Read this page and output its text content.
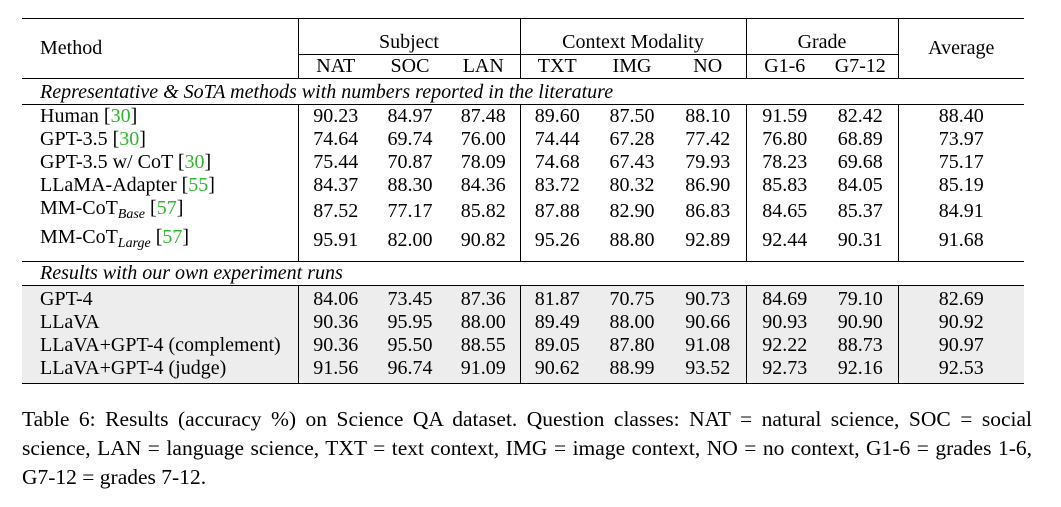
Method	Subject			Context Modality			Grade		Average
	NAT	SOC	LAN	TXT	IMG	NO	G1-6	G7-12	
Representative & SoTA methods with numbers reported in the literature									
Human [30]	90.23	84.97	87.48	89.60	87.50	88.10	91.59	82.42	88.40
GPT-3.5 [30]	74.64	69.74	76.00	74.44	67.28	77.42	76.80	68.89	73.97
GPT-3.5 w/ CoT [30]	75.44	70.87	78.09	74.68	67.43	79.93	78.23	69.68	75.17
LLaMA-Adapter [55]	84.37	88.30	84.36	83.72	80.32	86.90	85.83	84.05	85.19
MM-CoT$_{Base}$ [57]	87.52	77.17	85.82	87.88	82.90	86.83	84.65	85.37	84.91
MM-CoT$_{Large}$ [57]	95.91	82.00	90.82	95.26	88.80	92.89	92.44	90.31	91.68
Results with our own experiment runs									
GPT-4	84.06	73.45	87.36	81.87	70.75	90.73	84.69	79.10	82.69
LLaVA	90.36	95.95	88.00	89.49	88.00	90.66	90.93	90.90	90.92
LLaVA+GPT-4 (complement)	90.36	95.50	88.55	89.05	87.80	91.08	92.22	88.73	90.97
LLaVA+GPT-4 (judge)	91.56	96.74	91.09	90.62	88.99	93.52	92.73	92.16	92.53
Table 6: Results (accuracy %) on Science QA dataset. Question classes: NAT = natural science, SOC = social science, LAN = language science, TXT = text context, IMG = image context, NO = no context, G1-6 = grades 1-6, G7-12 = grades 7-12.
